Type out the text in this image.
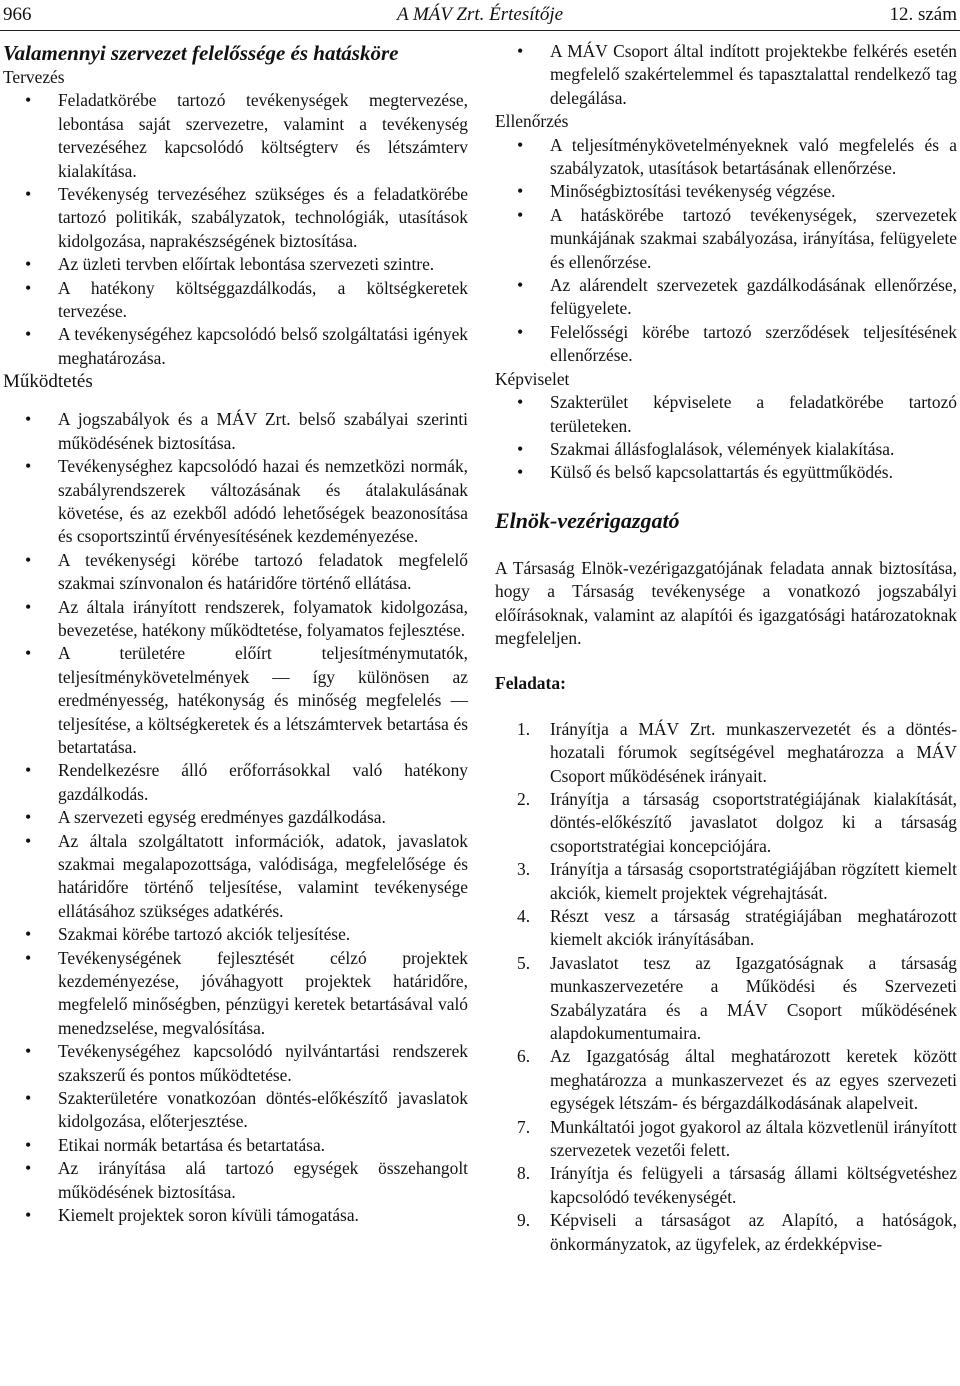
966	A MÁV Zrt. Értesítője	12. szám

Valamennyi szervezet felelőssége és hatásköre

Tervezés

• Feladatkörébe tartozó tevékenységek megtervezése, lebontása saját szervezetre, valamint a tevékenység tervezéséhez kapcsolódó költségterv és létszámterv kialakítása.
• Tevékenység tervezéséhez szükséges és a feladatkörébe tartozó politikák, szabályzatok, technológiák, utasítások kidolgozása, naprakészségének biztosítása.
• Az üzleti tervben előírtak lebontása szervezeti szintre.
• A hatékony költséggazdálkodás, a költségkeretek tervezése.
• A tevékenységéhez kapcsolódó belső szolgáltatási igények meghatározása.

Működtetés

• A jogszabályok és a MÁV Zrt. belső szabályai szerinti működésének biztosítása.
• Tevékenységhez kapcsolódó hazai és nemzetközi normák, szabályrendszerek változásának és átalakulásának követése, és az ezekből adódó lehetőségek beazonosítása és csoportszintű érvényesítésének kezdeményezése.
• A tevékenységi körébe tartozó feladatok megfelelő szakmai színvonalon és határidőre történő ellátása.
• Az általa irányított rendszerek, folyamatok kidolgozása, bevezetése, hatékony működtetése, folyamatos fejlesztése.
• A területére előírt teljesítménymutatók, teljesítménykövetelmények — így különösen az eredményesség, hatékonyság és minőség megfelelés — teljesítése, a költségkeretek és a létszámtervek betartása és betartatása.
• Rendelkezésre álló erőforrásokkal való hatékony gazdálkodás.
• A szervezeti egység eredményes gazdálkodása.
• Az általa szolgáltatott információk, adatok, javaslatok szakmai megalapozottsága, valódisága, megfelelősége és határidőre történő teljesítése, valamint tevékenysége ellátásához szükséges adatkérés.
• Szakmai körébe tartozó akciók teljesítése.
• Tevékenységének fejlesztését célzó projektek kezdeményezése, jóváhagyott projektek határidőre, megfelelő minőségben, pénzügyi keretek betartásával való menedzselése, megvalósítása.
• Tevékenységéhez kapcsolódó nyilvántartási rendszerek szakszerű és pontos működtetése.
• Szakterületére vonatkozóan döntés-előkészítő javaslatok kidolgozása, előterjesztése.
• Etikai normák betartása és betartatása.
• Az irányítása alá tartozó egységek összehangolt működésének biztosítása.
• Kiemelt projektek soron kívüli támogatása.
• A MÁV Csoport által indított projektekbe felkérés esetén megfelelő szakértelemmel és tapasztalattal rendelkező tag delegálása.

Ellenőrzés

• A teljesítménykövetelményeknek való megfelelés és a szabályzatok, utasítások betartásának ellenőrzése.
• Minőségbiztosítási tevékenység végzése.
• A hatáskörébe tartozó tevékenységek, szervezetek munkájának szakmai szabályozása, irányítása, felügyelete és ellenőrzése.
• Az alárendelt szervezetek gazdálkodásának ellenőrzése, felügyelete.
• Felelősségi körébe tartozó szerződések teljesítésének ellenőrzése.

Képviselet

• Szakterület képviselete a feladatkörébe tartozó területeken.
• Szakmai állásfoglalások, vélemények kialakítása.
• Külső és belső kapcsolattartás és együttműködés.

Elnök-vezérigazgató

A Társaság Elnök-vezérigazgatójának feladata annak biztosítása, hogy a Társaság tevékenysége a vonatkozó jogszabályi előírásoknak, valamint az alapítói és igazgatósági határozatoknak megfeleljen.

Feladata:

1. Irányítja a MÁV Zrt. munkaszervezetét és a döntés-hozatali fórumok segítségével meghatározza a MÁV Csoport működésének irányait.
2. Irányítja a társaság csoportstratégiájának kialakítását, döntés-előkészítő javaslatot dolgoz ki a társaság csoportstratégiai koncepciójára.
3. Irányítja a társaság csoportstratégiájában rögzített kiemelt akciók, kiemelt projektek végrehajtását.
4. Részt vesz a társaság stratégiájában meghatározott kiemelt akciók irányításában.
5. Javaslatot tesz az Igazgatóságnak a társaság munkaszervezetére a Működési és Szervezeti Szabályzatára és a MÁV Csoport működésének alapdokumentumaira.
6. Az Igazgatóság által meghatározott keretek között meghatározza a munkaszervezet és az egyes szervezeti egységek létszám- és bérgazdálkodásának alapelveit.
7. Munkáltatói jogot gyakorol az általa közvetlenül irányított szervezetek vezetői felett.
8. Irányítja és felügyeli a társaság állami költségvetéshez kapcsolódó tevékenységét.
9. Képviseli a társaságot az Alapító, a hatóságok, önkormányzatok, az ügyfelek, az érdekképvise-
